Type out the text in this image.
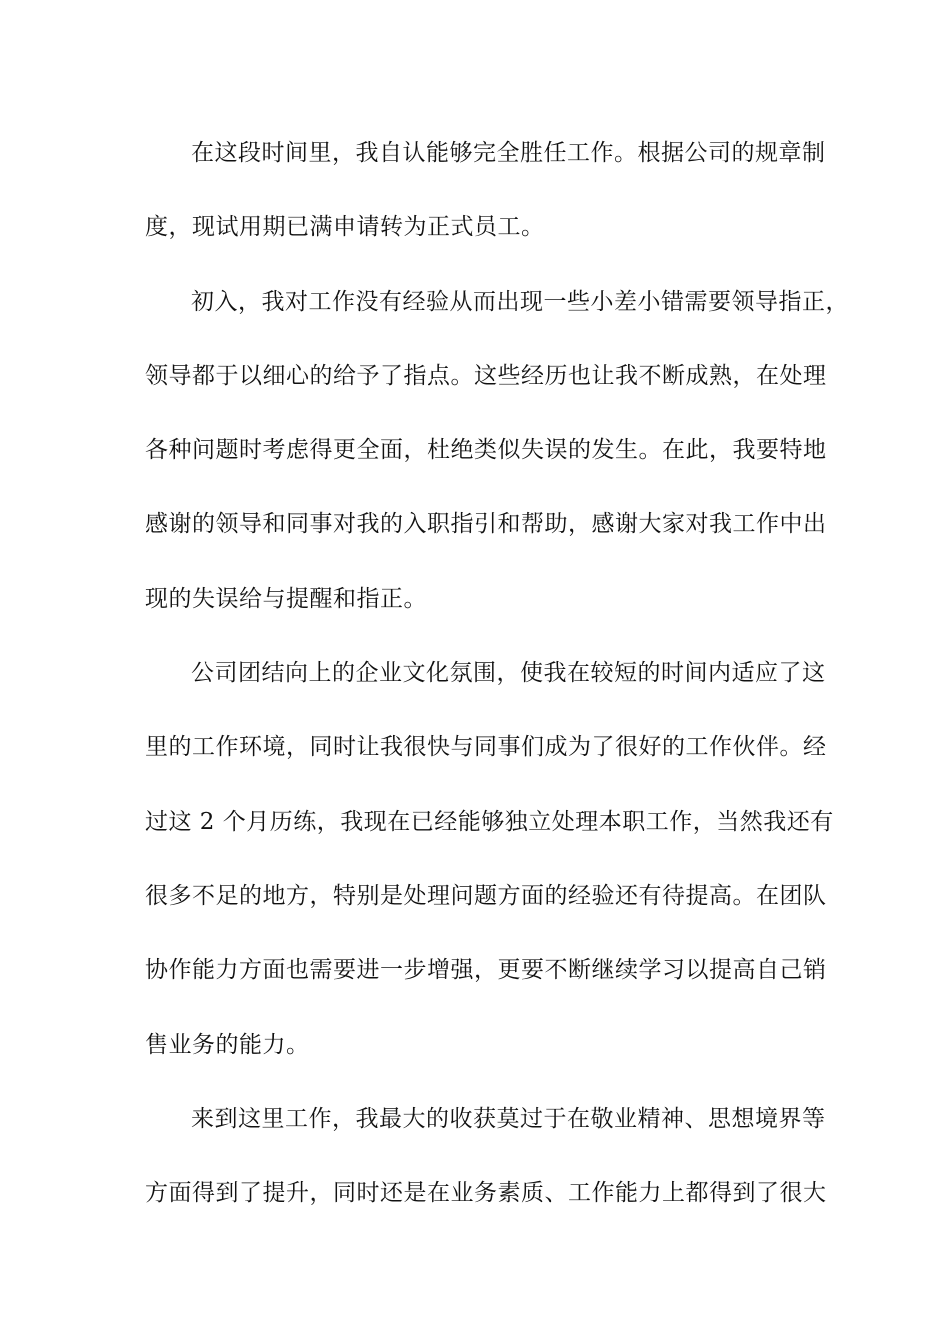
在这段时间里，我自认能够完全胜任工作。根据公司的规章制
度，现试用期已满申请转为正式员工。
初入，我对工作没有经验从而出现一些小差小错需要领导指正，
领导都于以细心的给予了指点。这些经历也让我不断成熟，在处理
各种问题时考虑得更全面，杜绝类似失误的发生。在此，我要特地
感谢的领导和同事对我的入职指引和帮助，感谢大家对我工作中出
现的失误给与提醒和指正。
公司团结向上的企业文化氛围，使我在较短的时间内适应了这
里的工作环境，同时让我很快与同事们成为了很好的工作伙伴。经
过这 2 个月历练，我现在已经能够独立处理本职工作，当然我还有
很多不足的地方，特别是处理问题方面的经验还有待提高。在团队
协作能力方面也需要进一步增强，更要不断继续学习以提高自己销
售业务的能力。
来到这里工作，我最大的收获莫过于在敬业精神、思想境界等
方面得到了提升，同时还是在业务素质、工作能力上都得到了很大
